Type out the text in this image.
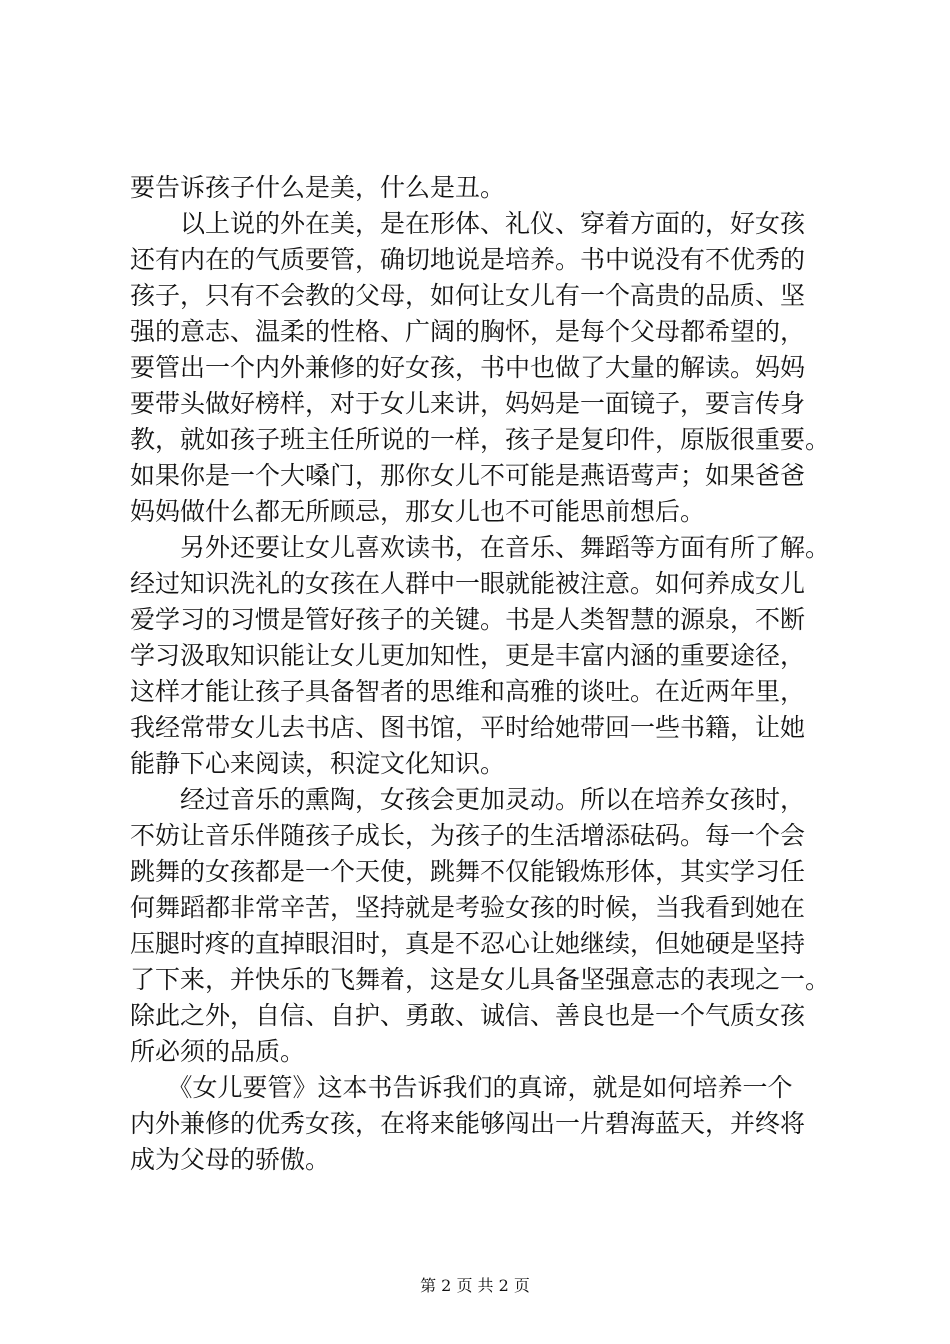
要告诉孩子什么是美，什么是丑。
　　以上说的外在美，是在形体、礼仪、穿着方面的，好女孩
还有内在的气质要管，确切地说是培养。书中说没有不优秀的
孩子，只有不会教的父母，如何让女儿有一个高贵的品质、坚
强的意志、温柔的性格、广阔的胸怀，是每个父母都希望的，
要管出一个内外兼修的好女孩，书中也做了大量的解读。妈妈
要带头做好榜样，对于女儿来讲，妈妈是一面镜子，要言传身
教，就如孩子班主任所说的一样，孩子是复印件，原版很重要。
如果你是一个大嗓门，那你女儿不可能是燕语莺声；如果爸爸
妈妈做什么都无所顾忌，那女儿也不可能思前想后。
　　另外还要让女儿喜欢读书，在音乐、舞蹈等方面有所了解。
经过知识洗礼的女孩在人群中一眼就能被注意。如何养成女儿
爱学习的习惯是管好孩子的关键。书是人类智慧的源泉，不断
学习汲取知识能让女儿更加知性，更是丰富内涵的重要途径，
这样才能让孩子具备智者的思维和高雅的谈吐。在近两年里，
我经常带女儿去书店、图书馆，平时给她带回一些书籍，让她
能静下心来阅读，积淀文化知识。
　　经过音乐的熏陶，女孩会更加灵动。所以在培养女孩时，
不妨让音乐伴随孩子成长，为孩子的生活增添砝码。每一个会
跳舞的女孩都是一个天使，跳舞不仅能锻炼形体，其实学习任
何舞蹈都非常辛苦，坚持就是考验女孩的时候，当我看到她在
压腿时疼的直掉眼泪时，真是不忍心让她继续，但她硬是坚持
了下来，并快乐的飞舞着，这是女儿具备坚强意志的表现之一。
除此之外，自信、自护、勇敢、诚信、善良也是一个气质女孩
所必须的品质。
　　《女儿要管》这本书告诉我们的真谛，就是如何培养一个
内外兼修的优秀女孩，在将来能够闯出一片碧海蓝天，并终将
成为父母的骄傲。
第 2 页 共 2 页
